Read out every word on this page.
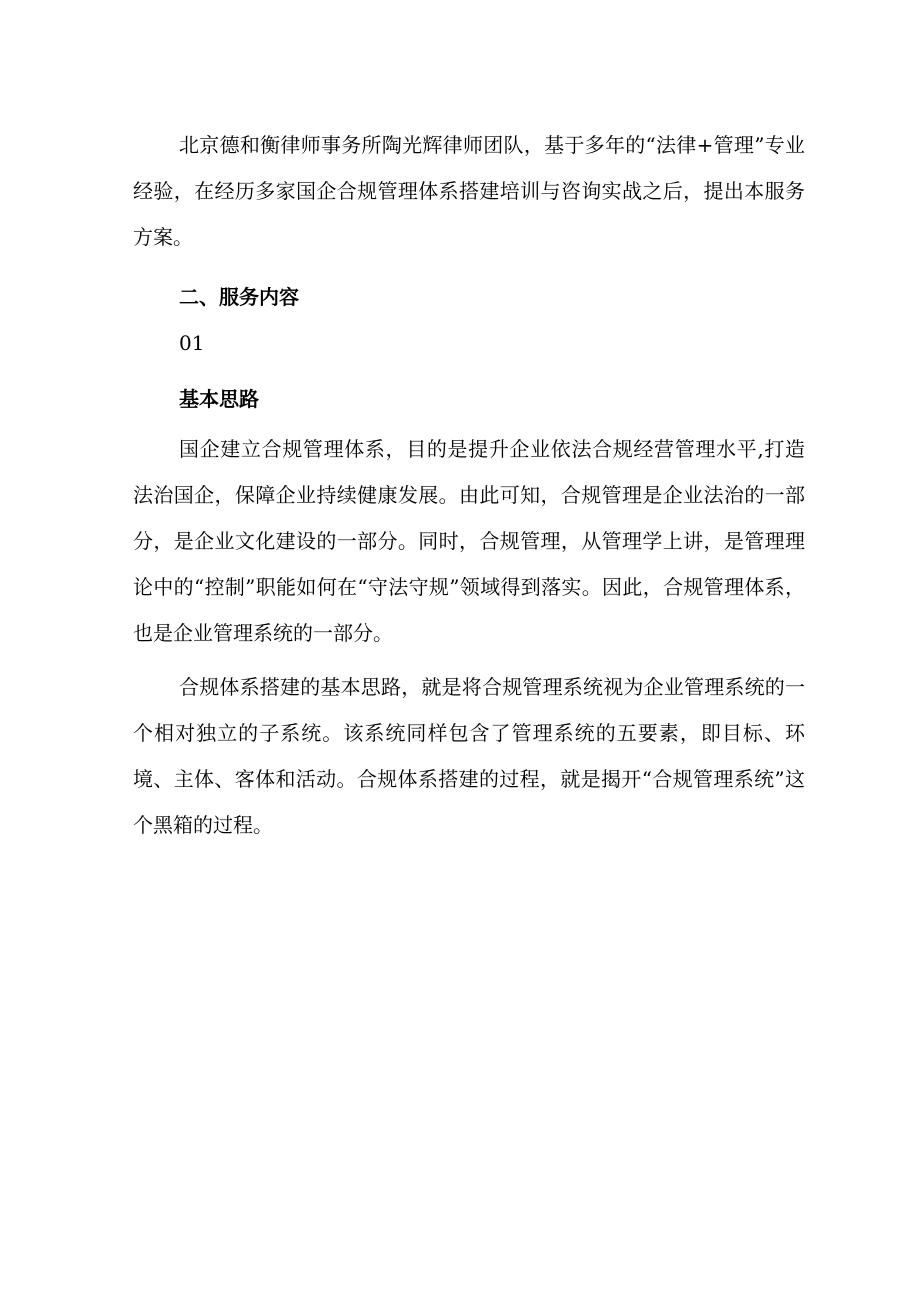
北京德和衡律师事务所陶光辉律师团队，基于多年的“法律+管理”专业经验，在经历多家国企合规管理体系搭建培训与咨询实战之后，提出本服务方案。

二、服务内容

01

基本思路

国企建立合规管理体系，目的是提升企业依法合规经营管理水平,打造法治国企，保障企业持续健康发展。由此可知，合规管理是企业法治的一部分，是企业文化建设的一部分。同时，合规管理，从管理学上讲，是管理理论中的“控制”职能如何在“守法守规”领域得到落实。因此，合规管理体系，也是企业管理系统的一部分。

合规体系搭建的基本思路，就是将合规管理系统视为企业管理系统的一个相对独立的子系统。该系统同样包含了管理系统的五要素，即目标、环境、主体、客体和活动。合规体系搭建的过程，就是揭开“合规管理系统”这个黑箱的过程。
